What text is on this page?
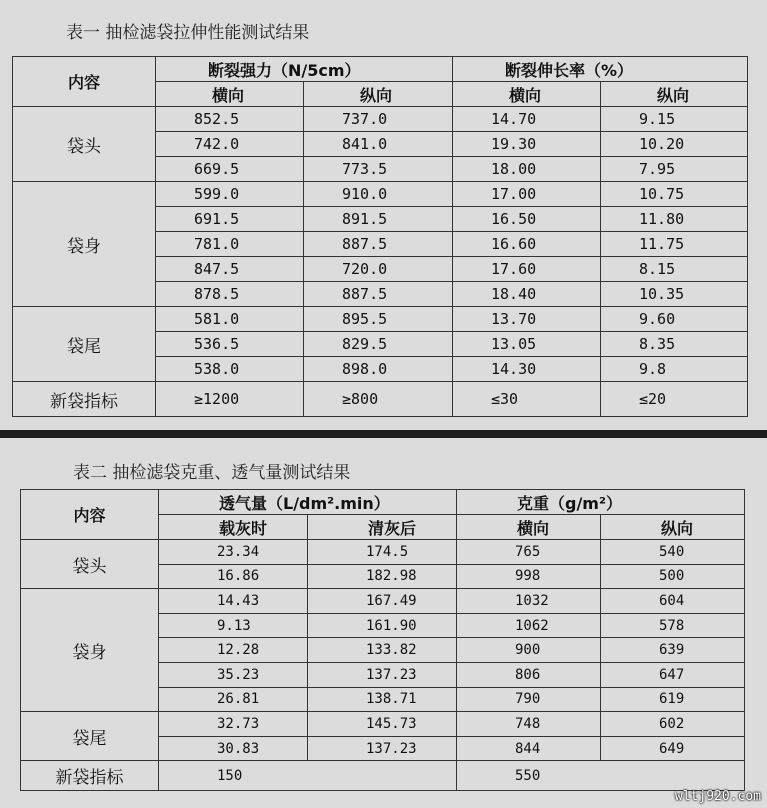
表一 抽检滤袋拉伸性能测试结果
内容	断裂强力（N/5cm）		断裂伸长率（%）	
	横向	纵向	横向	纵向
袋头	852.5	737.0	14.70	9.15
	742.0	841.0	19.30	10.20
	669.5	773.5	18.00	7.95
袋身	599.0	910.0	17.00	10.75
	691.5	891.5	16.50	11.80
	781.0	887.5	16.60	11.75
	847.5	720.0	17.60	8.15
	878.5	887.5	18.40	10.35
袋尾	581.0	895.5	13.70	9.60
	536.5	829.5	13.05	8.35
	538.0	898.0	14.30	9.8
新袋指标	≥1200	≥800	≤30	≤20
表二 抽检滤袋克重、透气量测试结果
内容	透气量（L/dm².min）		克重（g/m²）	
	载灰时	清灰后	横向	纵向
袋头	23.34	174.5	765	540
	16.86	182.98	998	500
袋身	14.43	167.49	1032	604
	9.13	161.90	1062	578
	12.28	133.82	900	639
	35.23	137.23	806	647
	26.81	138.71	790	619
袋尾	32.73	145.73	748	602
	30.83	137.23	844	649
新袋指标	150		550	
wltj920.com
